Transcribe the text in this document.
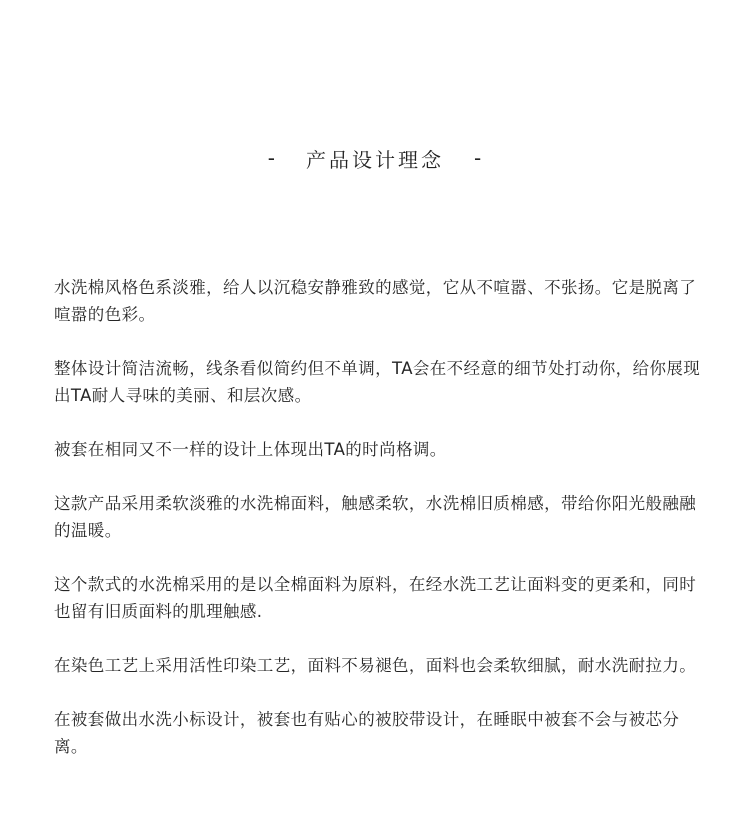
- 产品设计理念 -

水洗棉风格色系淡雅，给人以沉稳安静雅致的感觉，它从不喧嚣、不张扬。它是脱离了喧嚣的色彩。

整体设计简洁流畅，线条看似简约但不单调，TA会在不经意的细节处打动你，给你展现出TA耐人寻味的美丽、和层次感。

被套在相同又不一样的设计上体现出TA的时尚格调。

这款产品采用柔软淡雅的水洗棉面料，触感柔软，水洗棉旧质棉感，带给你阳光般融融的温暖。

这个款式的水洗棉采用的是以全棉面料为原料，在经水洗工艺让面料变的更柔和，同时也留有旧质面料的肌理触感.

在染色工艺上采用活性印染工艺，面料不易褪色，面料也会柔软细腻，耐水洗耐拉力。

在被套做出水洗小标设计，被套也有贴心的被胶带设计，在睡眠中被套不会与被芯分离。
